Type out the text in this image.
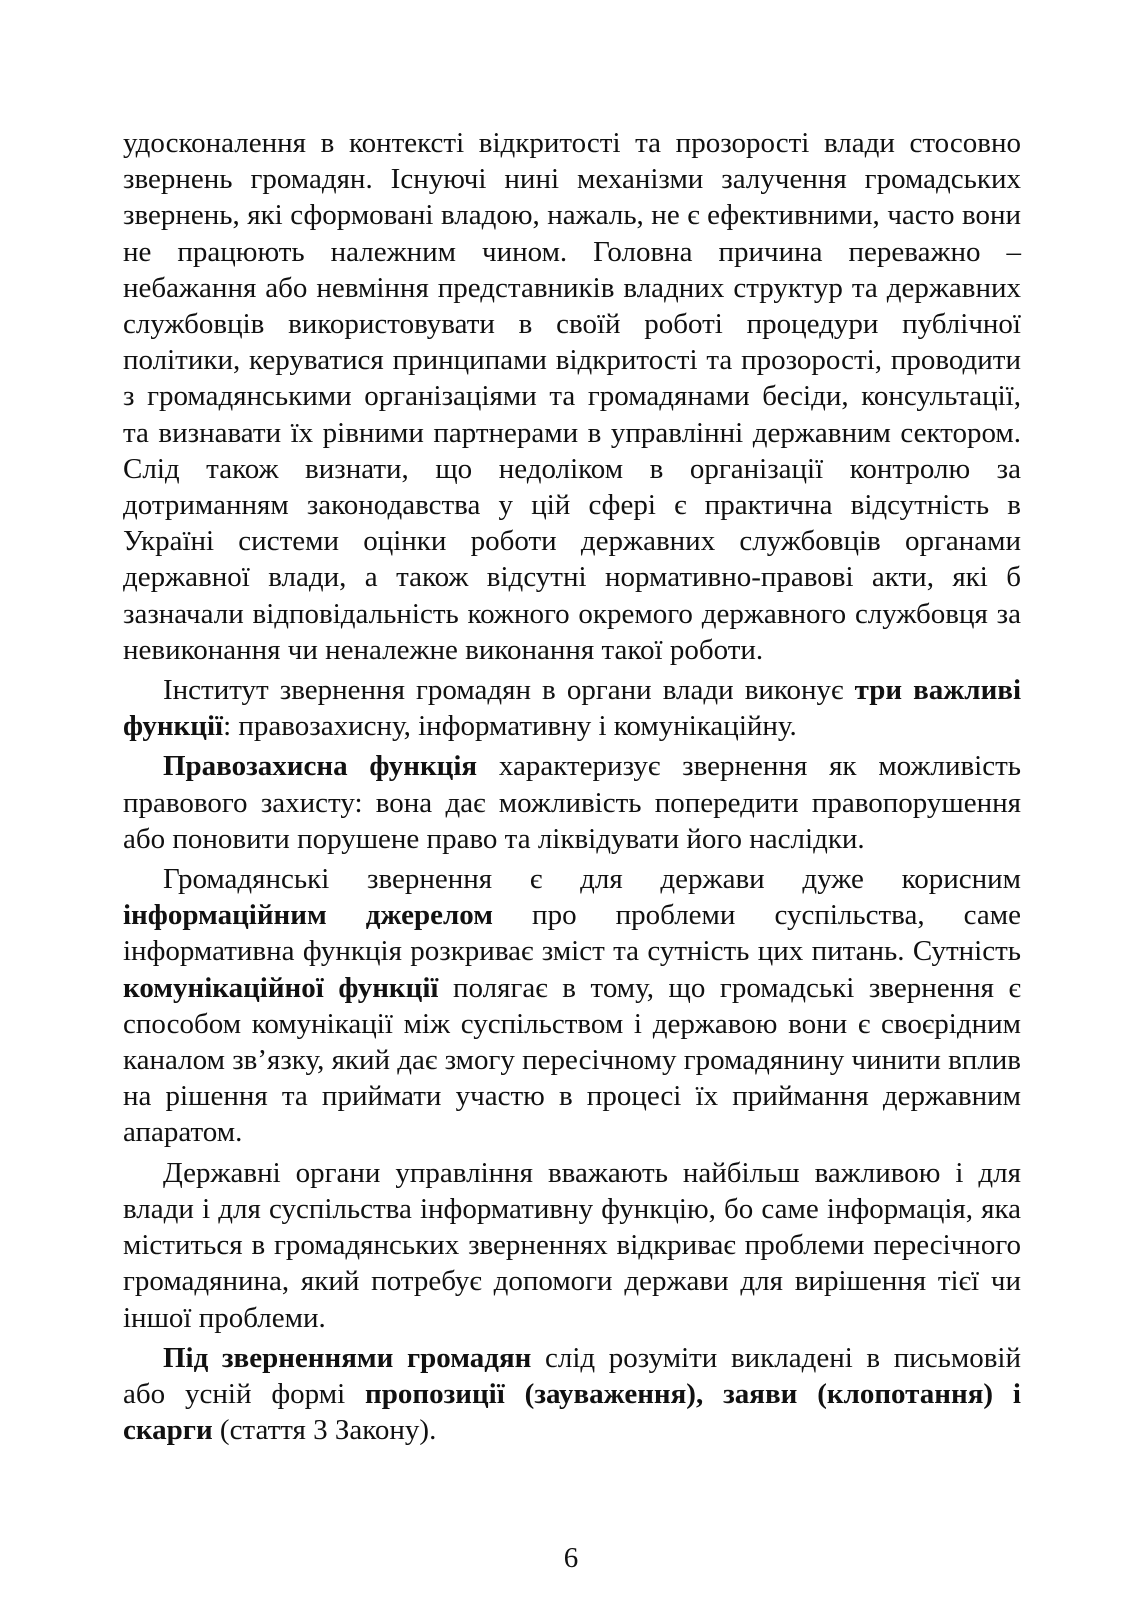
удосконалення в контексті відкритості та прозорості влади стосовно звернень громадян. Існуючі нині механізми залучення громадських звернень, які сформовані владою, нажаль, не є ефективними, часто вони не працюють належним чином. Головна причина переважно – небажання або невміння представників владних структур та державних службовців використовувати в своїй роботі процедури публічної політики, керуватися принципами відкритості та прозорості, проводити з громадянськими організаціями та громадянами бесіди, консультації, та визнавати їх рівними партнерами в управлінні державним сектором. Слід також визнати, що недоліком в організації контролю за дотриманням законодавства у цій сфері є практична відсутність в Україні системи оцінки роботи державних службовців органами державної влади, а також відсутні нормативно-правові акти, які б зазначали відповідальність кожного окремого державного службовця за невиконання чи неналежне виконання такої роботи.

Інститут звернення громадян в органи влади виконує три важливі функції: правозахисну, інформативну і комунікаційну.

Правозахисна функція характеризує звернення як можливість правового захисту: вона дає можливість попередити правопорушення або поновити порушене право та ліквідувати його наслідки.

Громадянські звернення є для держави дуже корисним інформаційним джерелом про проблеми суспільства, саме інформативна функція розкриває зміст та сутність цих питань. Сутність комунікаційної функції полягає в тому, що громадські звернення є способом комунікації між суспільством і державою вони є своєрідним каналом зв’язку, який дає змогу пересічному громадянину чинити вплив на рішення та приймати участю в процесі їх приймання державним апаратом.

Державні органи управління вважають найбільш важливою і для влади і для суспільства інформативну функцію, бо саме інформація, яка міститься в громадянських зверненнях відкриває проблеми пересічного громадянина, який потребує допомоги держави для вирішення тієї чи іншої проблеми.

Під зверненнями громадян слід розуміти викладені в письмовій або усній формі пропозиції (зауваження), заяви (клопотання) і скарги (стаття 3 Закону).

6
